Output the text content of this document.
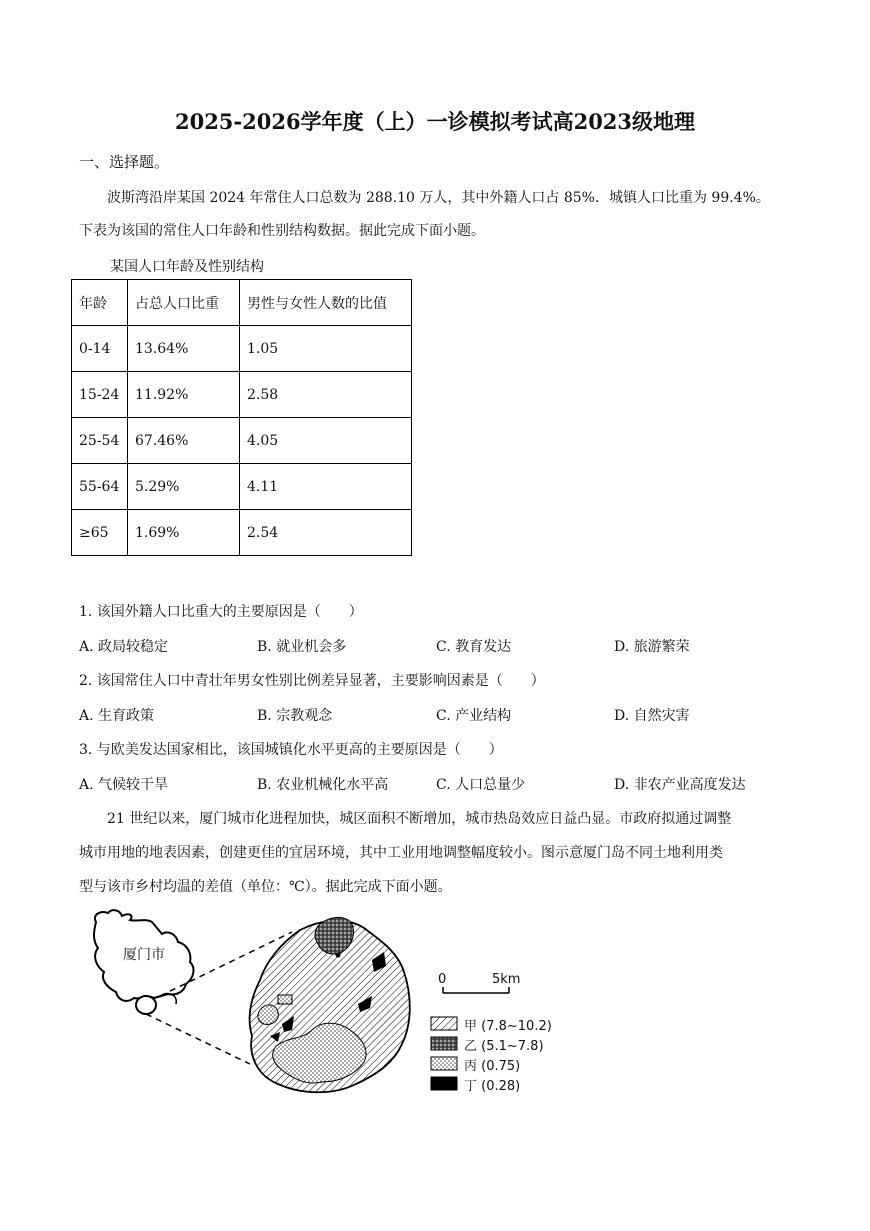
2025-2026学年度（上）一诊模拟考试高2023级地理
一、选择题。
波斯湾沿岸某国 2024 年常住人口总数为 288.10 万人，其中外籍人口占 85%．城镇人口比重为 99.4%。
下表为该国的常住人口年龄和性别结构数据。据此完成下面小题。
某国人口年龄及性别结构
年龄	占总人口比重	男性与女性人数的比值
0-14	13.64%	1.05
15-24	11.92%	2.58
25-54	67.46%	4.05
55-64	5.29%	4.11
≥65	1.69%	2.54
1. 该国外籍人口比重大的主要原因是（　　）
A. 政局较稳定	B. 就业机会多	C. 教育发达	D. 旅游繁荣
2. 该国常住人口中青壮年男女性别比例差异显著，主要影响因素是（　　）
A. 生育政策	B. 宗教观念	C. 产业结构	D. 自然灾害
3. 与欧美发达国家相比，该国城镇化水平更高的主要原因是（　　）
A. 气候较干旱	B. 农业机械化水平高	C. 人口总量少	D. 非农产业高度发达
21 世纪以来，厦门城市化进程加快，城区面积不断增加，城市热岛效应日益凸显。市政府拟通过调整
城市用地的地表因素，创建更佳的宜居环境，其中工业用地调整幅度较小。图示意厦门岛不同土地利用类
型与该市乡村均温的差值（单位：℃）。据此完成下面小题。
厦门市
0	5km
甲 (7.8~10.2)
乙 (5.1~7.8)
丙 (0.75)
丁 (0.28)
